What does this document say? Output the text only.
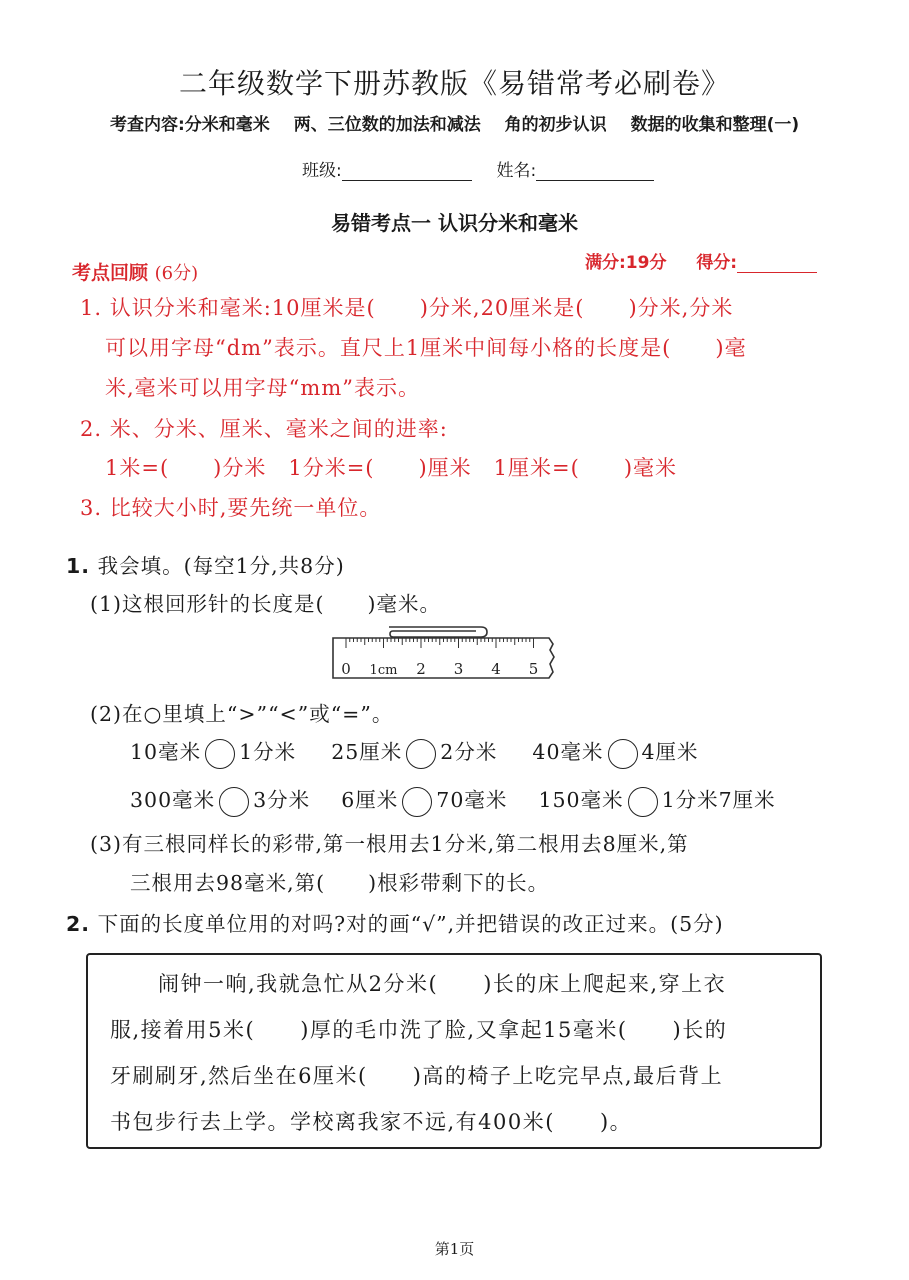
二年级数学下册苏教版《易错常考必刷卷》
考查内容:分米和毫米 两、三位数的加法和减法 角的初步认识 数据的收集和整理(一)
班级:	姓名:
易错考点一 认识分米和毫米
考点回顾 (6分)	满分:19分 得分:
1. 认识分米和毫米:10厘米是(　　)分米,20厘米是(　　)分米,分米
可以用字母“dm”表示。直尺上1厘米中间每小格的长度是(　　)毫
米,毫米可以用字母“mm”表示。
2. 米、分米、厘米、毫米之间的进率:
1米=(　　)分米　1分米=(　　)厘米　1厘米=(　　)毫米
3. 比较大小时,要先统一单位。
1. 我会填。(每空1分,共8分)
(1)这根回形针的长度是(　　)毫米。
0 1cm 2 3 4 5
(2)在○里填上“>”“<”或“=”。
10毫米 1分米 25厘米 2分米 40毫米 4厘米
300毫米 3分米 6厘米 70毫米 150毫米 1分米7厘米
(3)有三根同样长的彩带,第一根用去1分米,第二根用去8厘米,第
三根用去98毫米,第(　　)根彩带剩下的长。
2. 下面的长度单位用的对吗?对的画“√”,并把错误的改正过来。(5分)
闹钟一响,我就急忙从2分米(　　)长的床上爬起来,穿上衣
服,接着用5米(　　)厚的毛巾洗了脸,又拿起15毫米(　　)长的
牙刷刷牙,然后坐在6厘米(　　)高的椅子上吃完早点,最后背上
书包步行去上学。学校离我家不远,有400米(　　)。
第1页
